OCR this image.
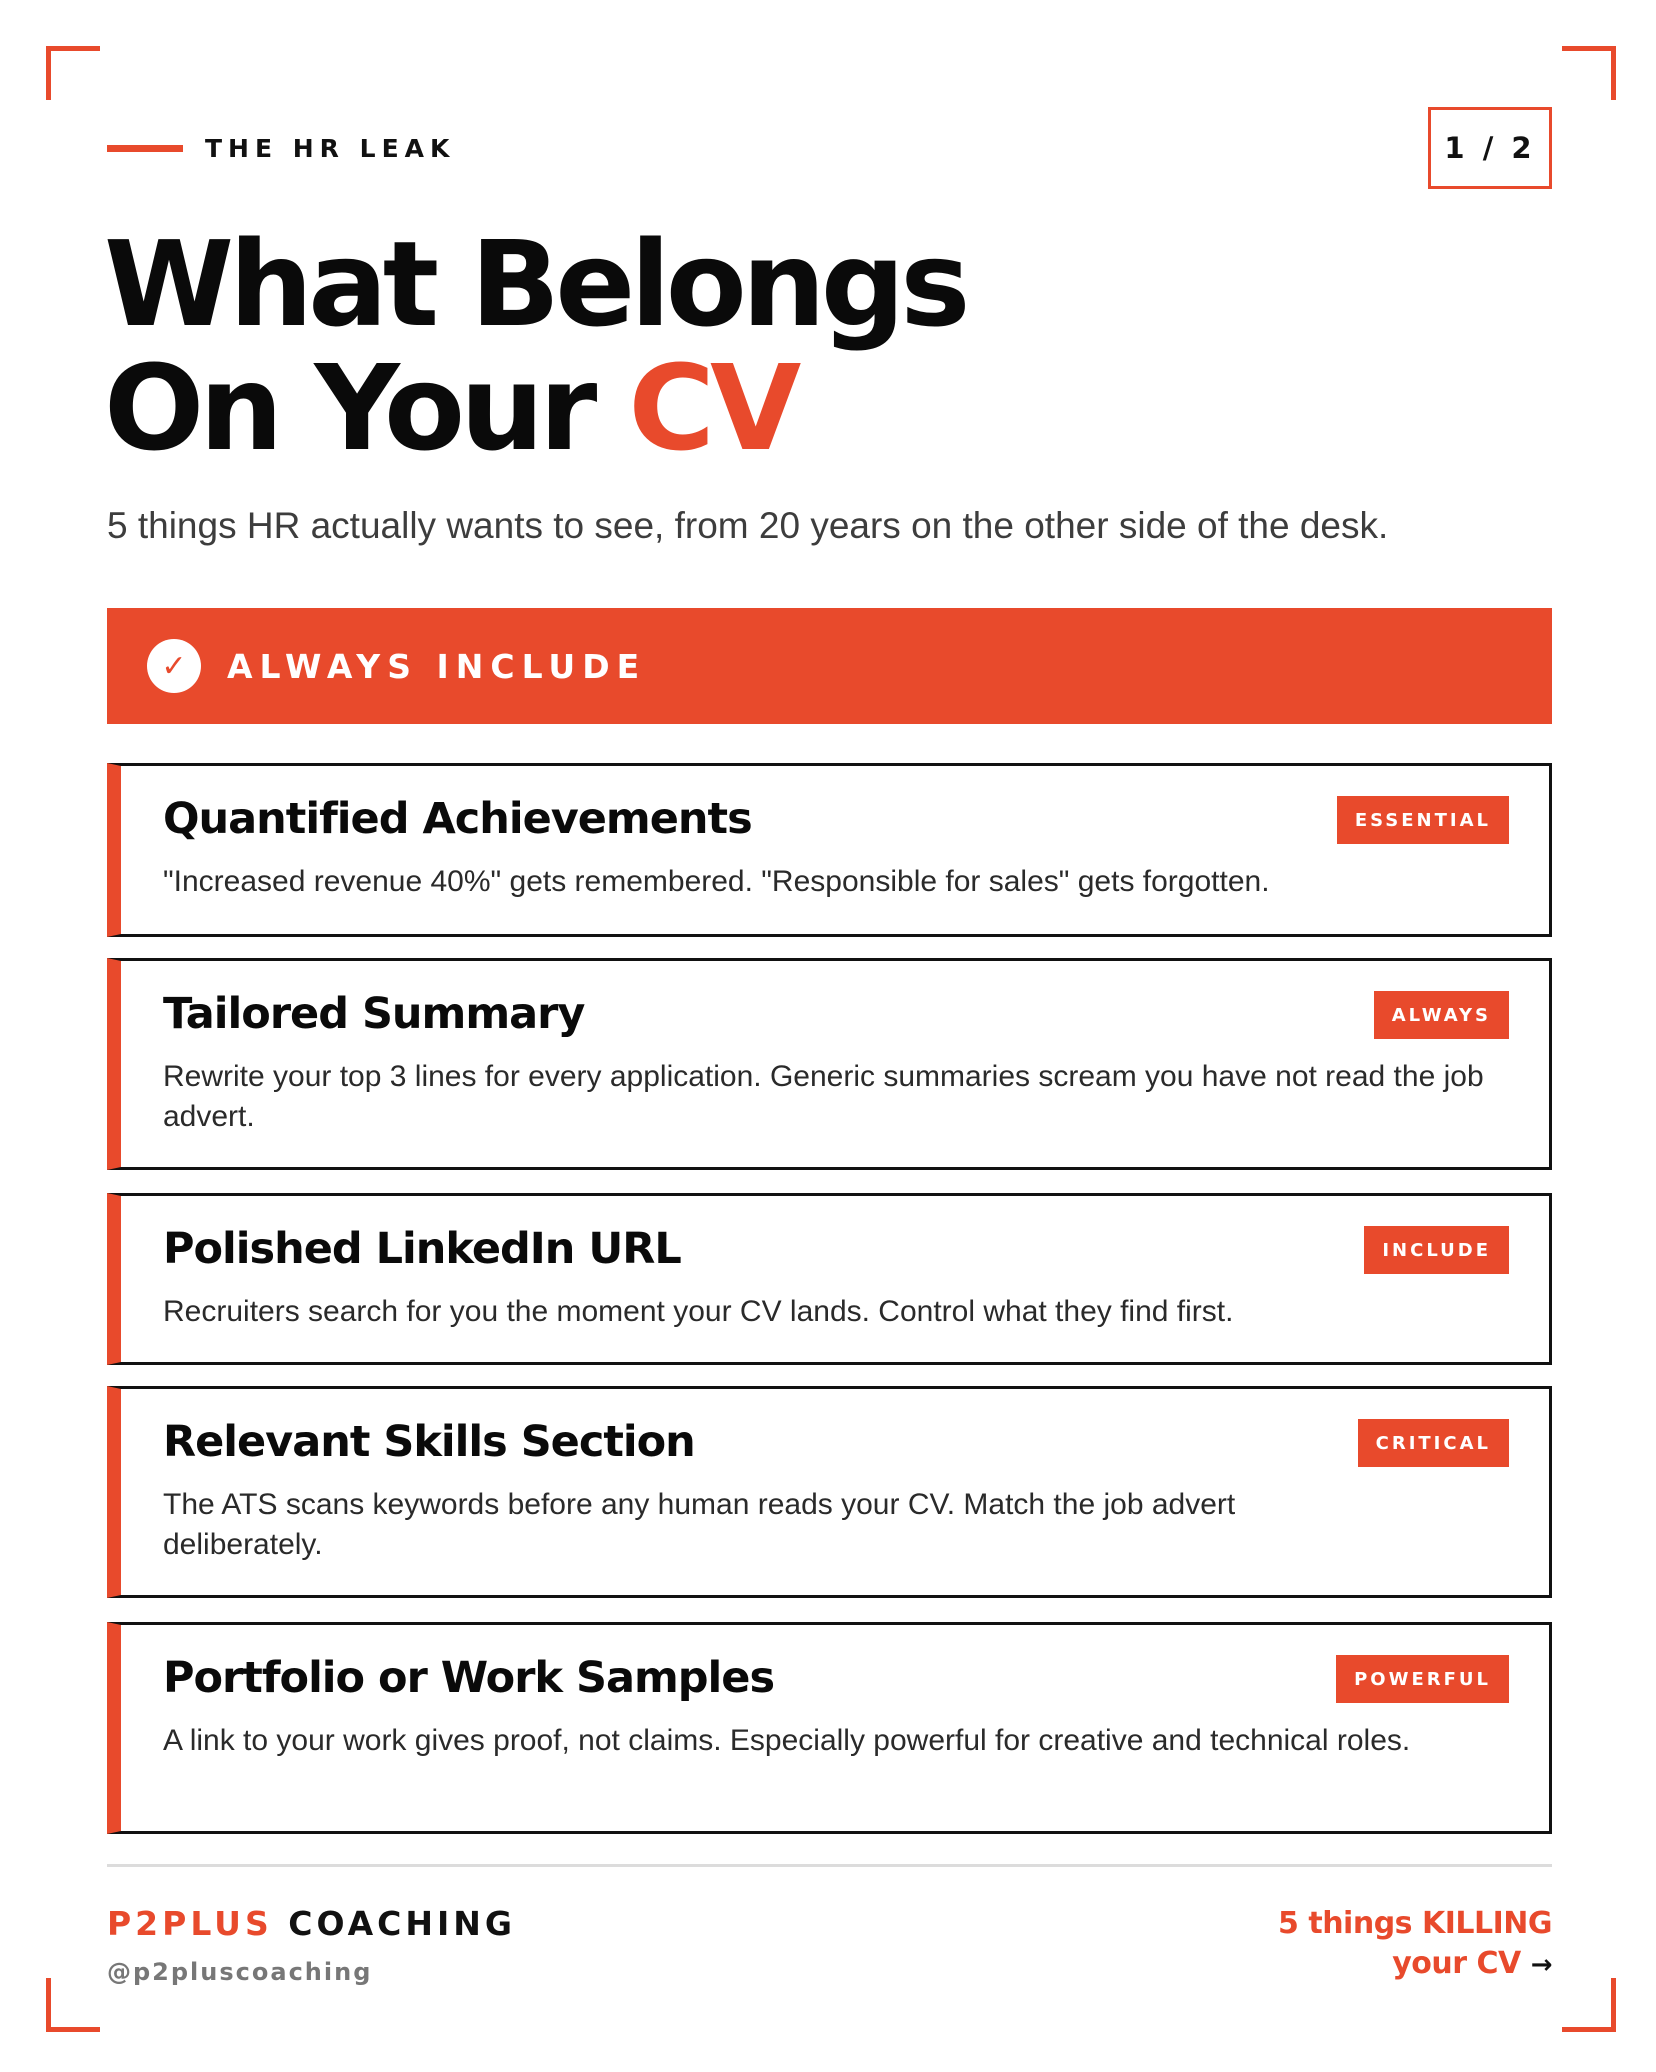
THE HR LEAK	1 / 2
What Belongs
On Your CV
5 things HR actually wants to see, from 20 years on the other side of the desk.
✓	ALWAYS INCLUDE
Quantified Achievements	ESSENTIAL
"Increased revenue 40%" gets remembered. "Responsible for sales" gets forgotten.
Tailored Summary	ALWAYS
Rewrite your top 3 lines for every application. Generic summaries scream you have not read the job advert.
Polished LinkedIn URL	INCLUDE
Recruiters search for you the moment your CV lands. Control what they find first.
Relevant Skills Section	CRITICAL
The ATS scans keywords before any human reads your CV. Match the job advert deliberately.
Portfolio or Work Samples	POWERFUL
A link to your work gives proof, not claims. Especially powerful for creative and technical roles.
P2PLUS COACHING
@p2pluscoaching
5 things KILLING
your CV →
